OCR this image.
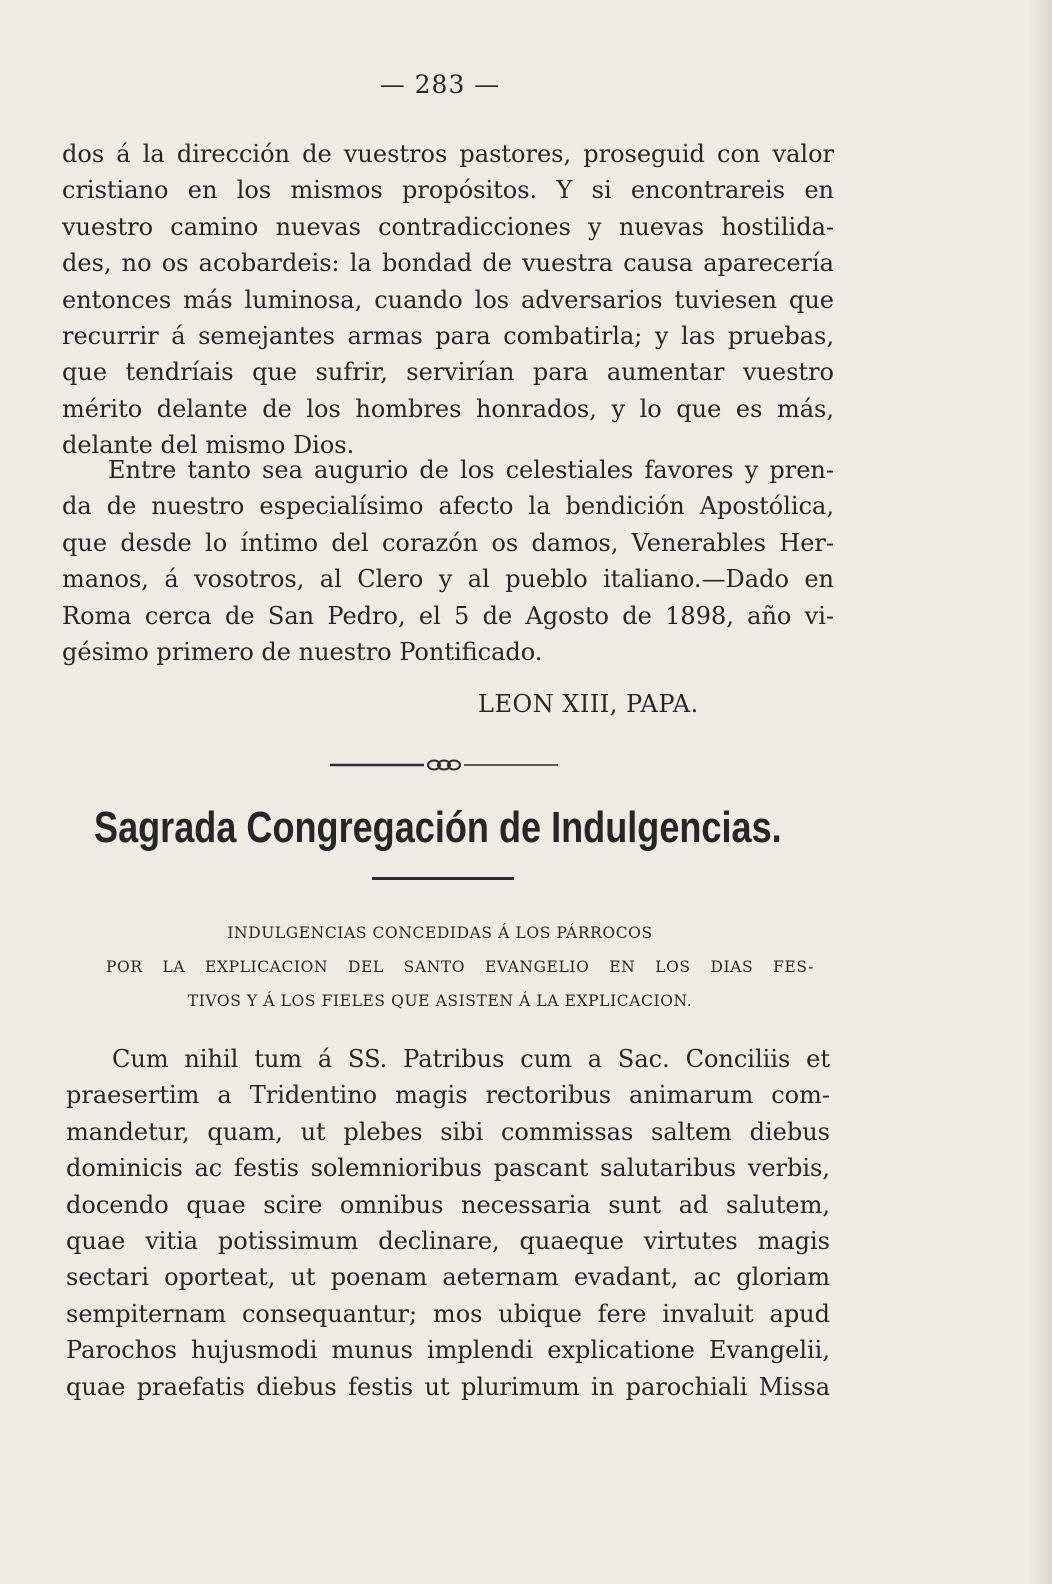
— 283 —
dos á la dirección de vuestros pastores, proseguid con valor
cristiano en los mismos propósitos. Y si encontrareis en
vuestro camino nuevas contradicciones y nuevas hostilida-
des, no os acobardeis: la bondad de vuestra causa aparecería
entonces más luminosa, cuando los adversarios tuviesen que
recurrir á semejantes armas para combatirla; y las pruebas,
que tendríais que sufrir, servirían para aumentar vuestro
mérito delante de los hombres honrados, y lo que es más,
delante del mismo Dios.
Entre tanto sea augurio de los celestiales favores y pren-
da de nuestro especialísimo afecto la bendición Apostólica,
que desde lo íntimo del corazón os damos, Venerables Her-
manos, á vosotros, al Clero y al pueblo italiano.—Dado en
Roma cerca de San Pedro, el 5 de Agosto de 1898, año vi-
gésimo primero de nuestro Pontificado.
LEON XIII, PAPA.
Sagrada Congregación de Indulgencias.
INDULGENCIAS CONCEDIDAS Á LOS PÁRROCOS
POR LA EXPLICACION DEL SANTO EVANGELIO EN LOS DIAS FES-
TIVOS Y Á LOS FIELES QUE ASISTEN Á LA EXPLICACION.
Cum nihil tum á SS. Patribus cum a Sac. Conciliis et
praesertim a Tridentino magis rectoribus animarum com-
mandetur, quam, ut plebes sibi commissas saltem diebus
dominicis ac festis solemnioribus pascant salutaribus verbis,
docendo quae scire omnibus necessaria sunt ad salutem,
quae vitia potissimum declinare, quaeque virtutes magis
sectari oporteat, ut poenam aeternam evadant, ac gloriam
sempiternam consequantur; mos ubique fere invaluit apud
Parochos hujusmodi munus implendi explicatione Evangelii,
quae praefatis diebus festis ut plurimum in parochiali Missa
